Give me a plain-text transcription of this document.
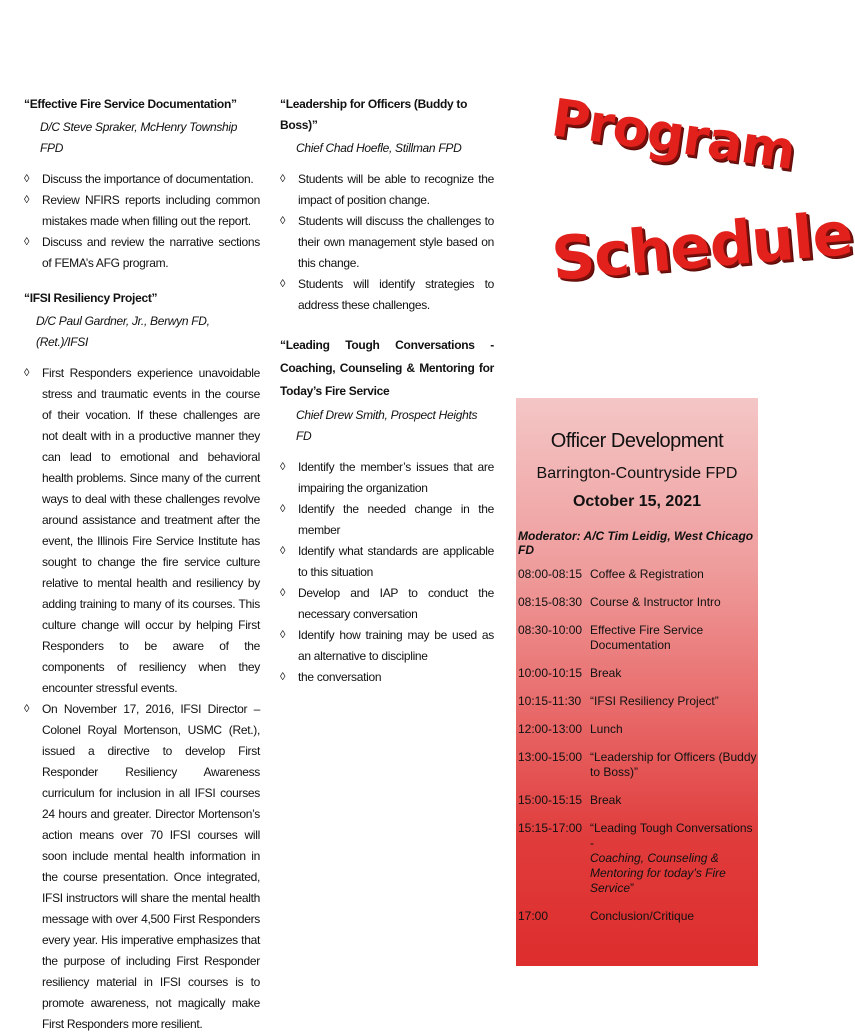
“Effective Fire Service Documentation”

D/C Steve Spraker, McHenry Township FPD
◊ Discuss the importance of documentation.
◊ Review NFIRS reports including common mistakes made when filling out the report.
◊ Discuss and review the narrative sections of FEMA’s AFG program.

“IFSI Resiliency Project”

D/C Paul Gardner, Jr., Berwyn FD, (Ret.)/IFSI
◊ First Responders experience unavoidable stress and traumatic events in the course of their vocation. If these challenges are not dealt with in a productive manner they can lead to emotional and behavioral health problems. Since many of the current ways to deal with these challenges revolve around assistance and treatment after the event, the Illinois Fire Service Institute has sought to change the fire service culture relative to mental health and resiliency by adding training to many of its courses. This culture change will occur by helping First Responders to be aware of the components of resiliency when they encounter stressful events.
◊ On November 17, 2016, IFSI Director – Colonel Royal Mortenson, USMC (Ret.), issued a directive to develop First Responder Resiliency Awareness curriculum for inclusion in all IFSI courses 24 hours and greater. Director Mortenson’s action means over 70 IFSI courses will soon include mental health information in the course presentation. Once integrated, IFSI instructors will share the mental health message with over 4,500 First Responders every year. His imperative emphasizes that the purpose of including First Responder resiliency material in IFSI courses is to promote awareness, not magically make First Responders more resilient.

“Leadership for Officers (Buddy to Boss)”

Chief Chad Hoefle, Stillman FPD
◊ Students will be able to recognize the impact of position change.
◊ Students will discuss the challenges to their own management style based on this change.
◊ Students will identify strategies to address these challenges.

“Leading Tough Conversations - Coaching, Counseling & Mentoring for Today’s Fire Service

Chief Drew Smith, Prospect Heights FD
◊ Identify the member’s issues that are impairing the organization
◊ Identify the needed change in the member
◊ Identify what standards are applicable to this situation
◊ Develop and IAP to conduct the necessary conversation
◊ Identify how training may be used as an alternative to discipline
◊ the conversation
Program
Schedule
Officer Development
Barrington-Countryside FPD
October 15, 2021
Moderator: A/C Tim Leidig, West Chicago FD
08:00-08:15 Coffee & Registration
08:15-08:30 Course & Instructor Intro
08:30-10:00 Effective Fire Service Documentation
10:00-10:15 Break
10:15-11:30 “IFSI Resiliency Project”
12:00-13:00 Lunch
13:00-15:00 “Leadership for Officers (Buddy to Boss)”
15:00-15:15 Break
15:15-17:00 “Leading Tough Conversations -
Coaching, Counseling & Mentoring for today’s Fire Service”
17:00	Conclusion/Critique
